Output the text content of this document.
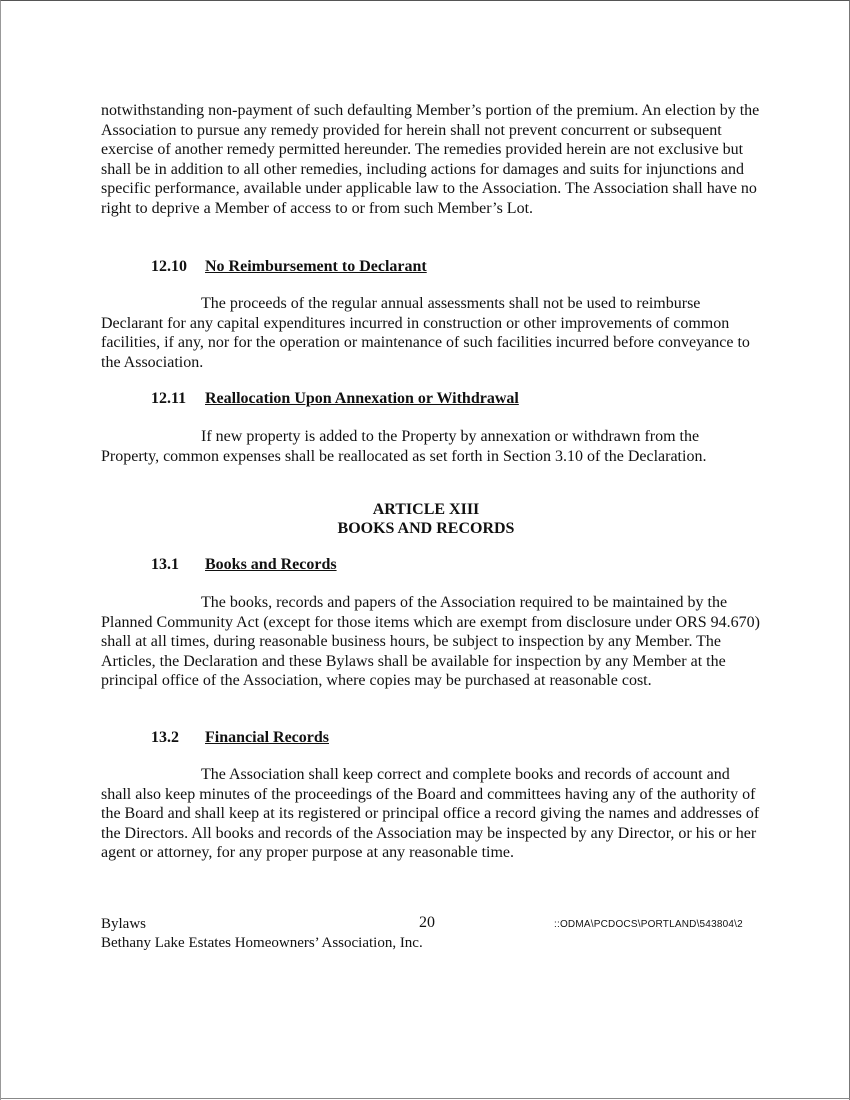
notwithstanding non-payment of such defaulting Member’s portion of the premium. An election by the Association to pursue any remedy provided for herein shall not prevent concurrent or subsequent exercise of another remedy permitted hereunder. The remedies provided herein are not exclusive but shall be in addition to all other remedies, including actions for damages and suits for injunctions and specific performance, available under applicable law to the Association. The Association shall have no right to deprive a Member of access to or from such Member’s Lot.

12.10 No Reimbursement to Declarant

The proceeds of the regular annual assessments shall not be used to reimburse Declarant for any capital expenditures incurred in construction or other improvements of common facilities, if any, nor for the operation or maintenance of such facilities incurred before conveyance to the Association.

12.11 Reallocation Upon Annexation or Withdrawal

If new property is added to the Property by annexation or withdrawn from the Property, common expenses shall be reallocated as set forth in Section 3.10 of the Declaration.

ARTICLE XIII

BOOKS AND RECORDS

13.1 Books and Records

The books, records and papers of the Association required to be maintained by the Planned Community Act (except for those items which are exempt from disclosure under ORS 94.670) shall at all times, during reasonable business hours, be subject to inspection by any Member. The Articles, the Declaration and these Bylaws shall be available for inspection by any Member at the principal office of the Association, where copies may be purchased at reasonable cost.

13.2 Financial Records

The Association shall keep correct and complete books and records of account and shall also keep minutes of the proceedings of the Board and committees having any of the authority of the Board and shall keep at its registered or principal office a record giving the names and addresses of the Directors. All books and records of the Association may be inspected by any Director, or his or her agent or attorney, for any proper purpose at any reasonable time.

Bylaws
Bethany Lake Estates Homeowners’ Association, Inc.
20	::ODMA\PCDOCS\PORTLAND\543804\2
